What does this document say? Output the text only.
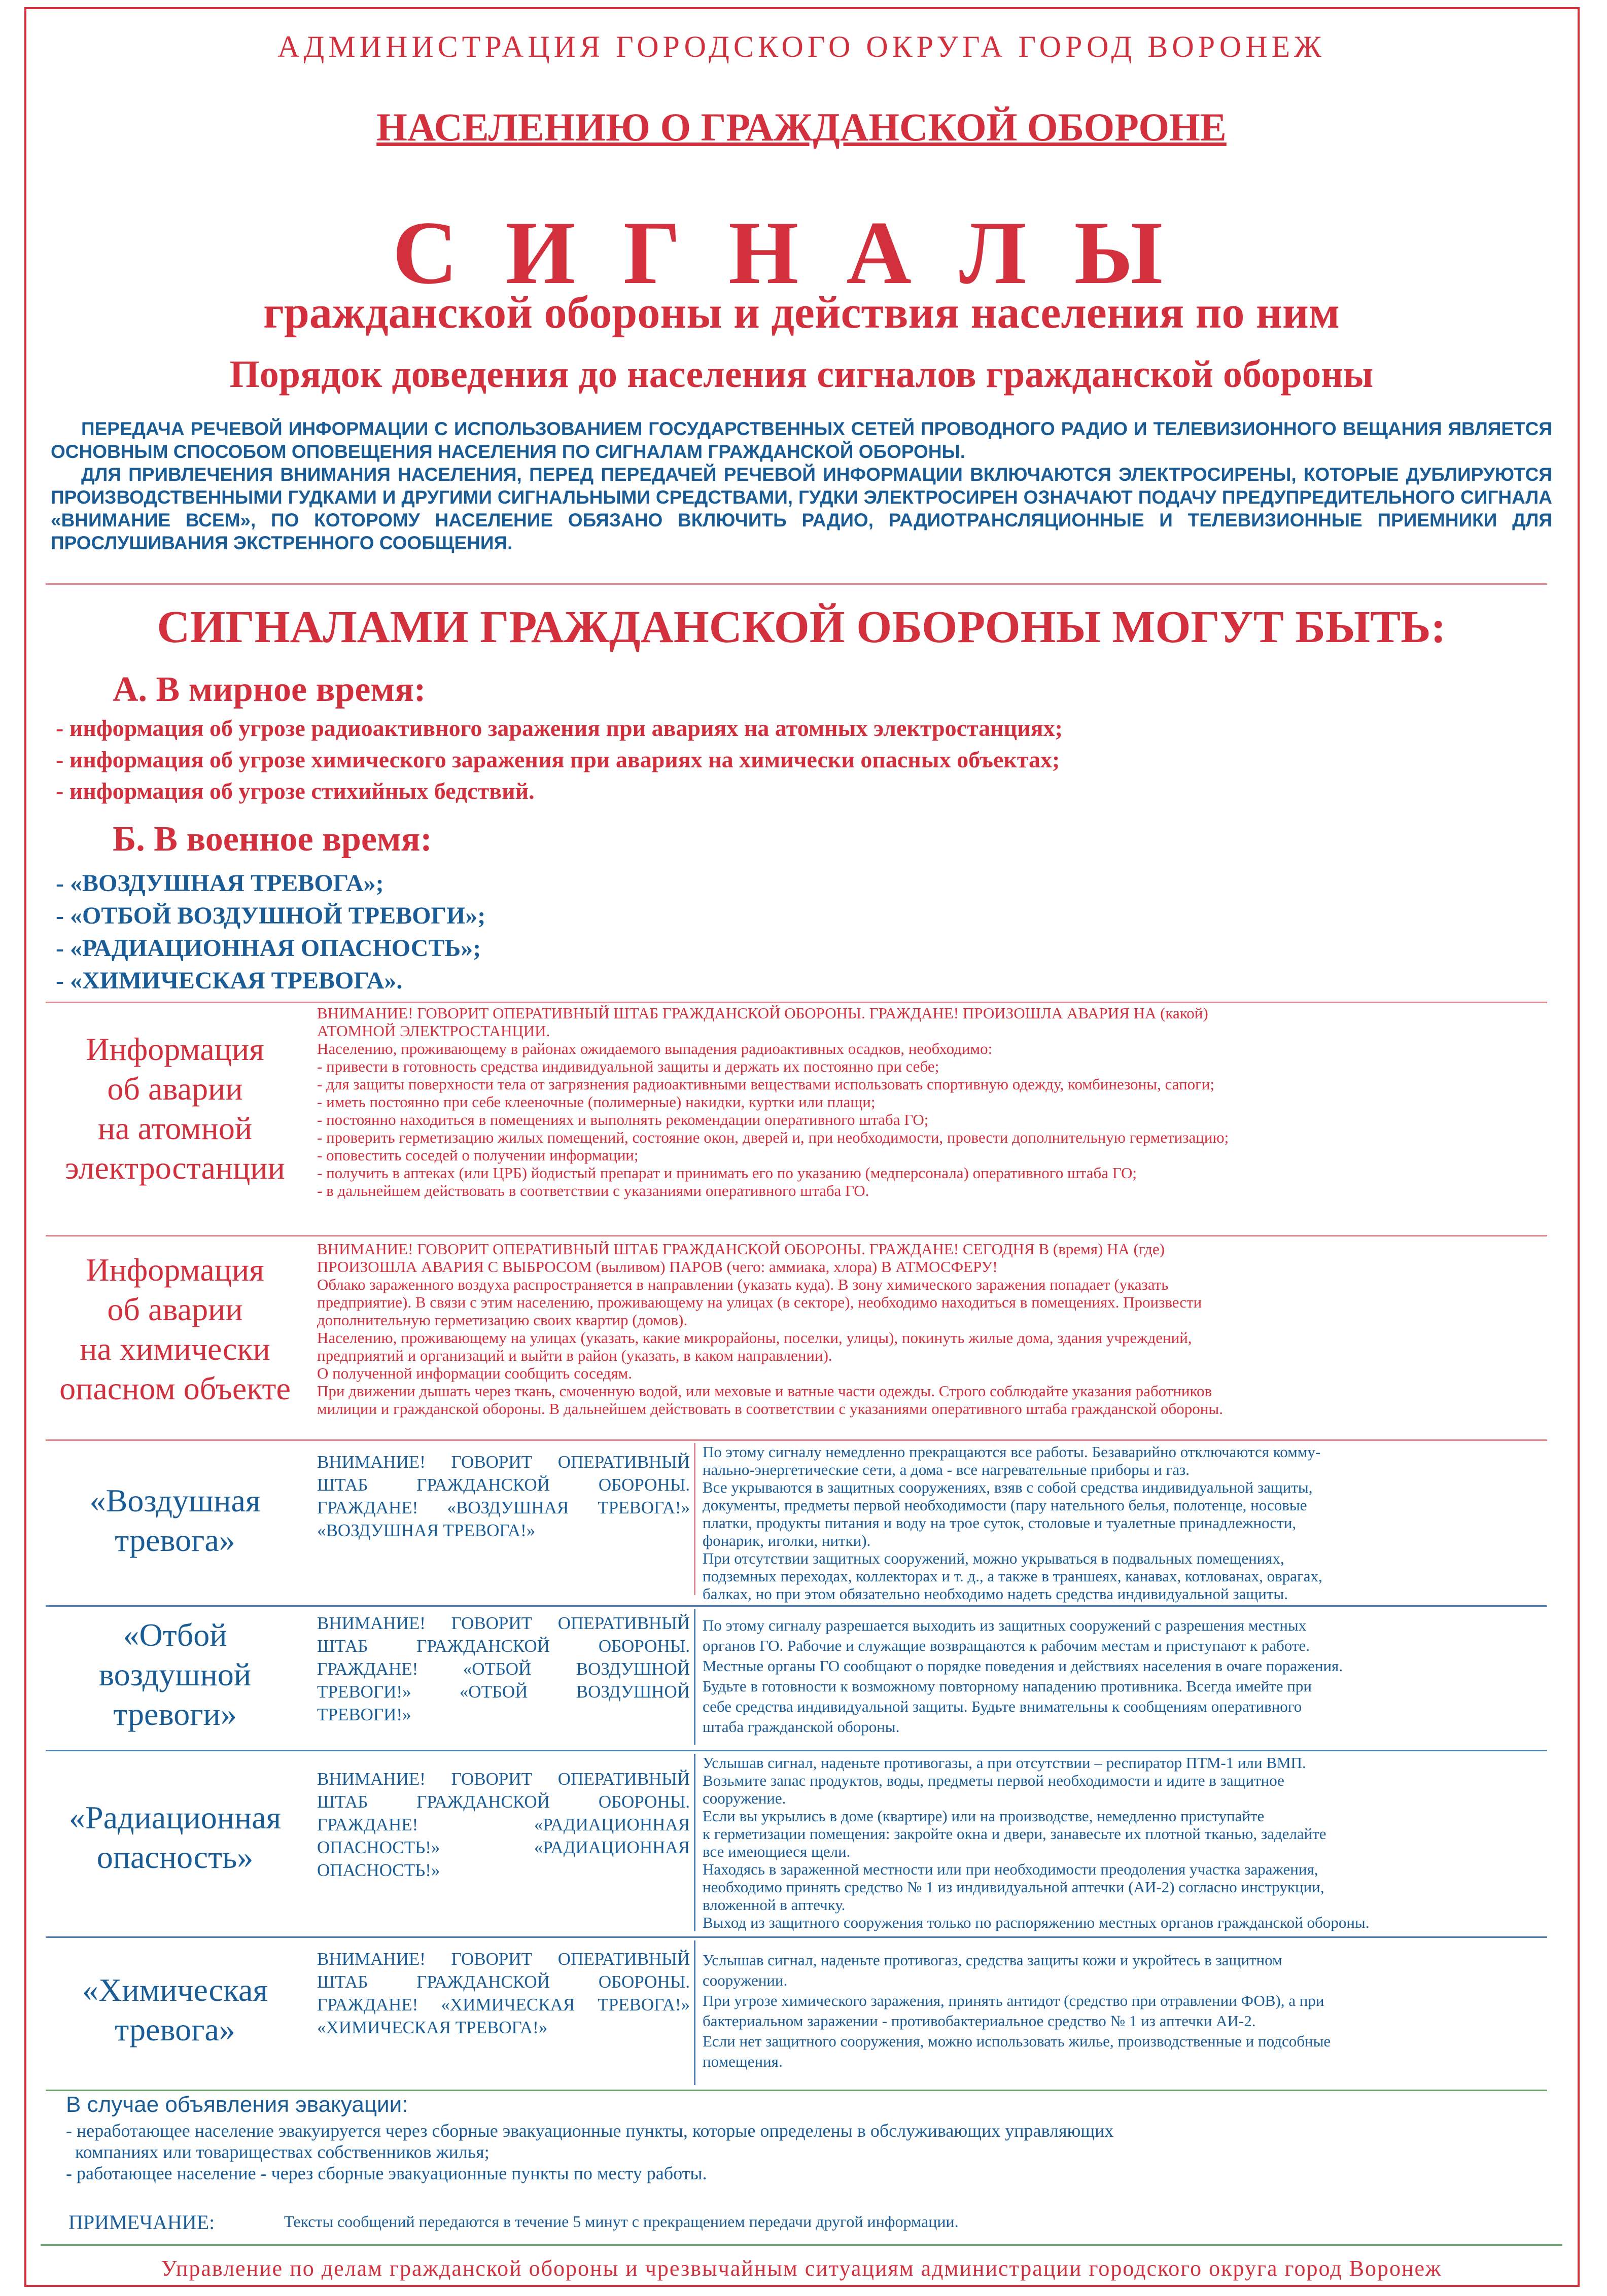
АДМИНИСТРАЦИЯ ГОРОДСКОГО ОКРУГА ГОРОД ВОРОНЕЖ
НАСЕЛЕНИЮ О ГРАЖДАНСКОЙ ОБОРОНЕ
СИГНАЛЫ
гражданской обороны и действия населения по ним
Порядок доведения до населения сигналов гражданской обороны

ПЕРЕДАЧА РЕЧЕВОЙ ИНФОРМАЦИИ С ИСПОЛЬЗОВАНИЕМ ГОСУДАРСТВЕННЫХ СЕТЕЙ ПРОВОДНОГО РАДИО И ТЕЛЕВИЗИОННОГО ВЕЩАНИЯ ЯВЛЯЕТСЯ ОСНОВНЫМ СПОСОБОМ ОПОВЕЩЕНИЯ НАСЕЛЕНИЯ ПО СИГНАЛАМ ГРАЖДАНСКОЙ ОБОРОНЫ.

ДЛЯ ПРИВЛЕЧЕНИЯ ВНИМАНИЯ НАСЕЛЕНИЯ, ПЕРЕД ПЕРЕДАЧЕЙ РЕЧЕВОЙ ИНФОРМАЦИИ ВКЛЮЧАЮТСЯ ЭЛЕКТРОСИРЕНЫ, КОТОРЫЕ ДУБЛИРУЮТСЯ ПРОИЗВОДСТВЕННЫМИ ГУДКАМИ И ДРУГИМИ СИГНАЛЬНЫМИ СРЕДСТВАМИ, ГУДКИ ЭЛЕКТРОСИРЕН ОЗНАЧАЮТ ПОДАЧУ ПРЕДУПРЕДИТЕЛЬНОГО СИГНАЛА «ВНИМАНИЕ ВСЕМ», ПО КОТОРОМУ НАСЕЛЕНИЕ ОБЯЗАНО ВКЛЮЧИТЬ РАДИО, РАДИОТРАНСЛЯЦИОННЫЕ И ТЕЛЕВИЗИОННЫЕ ПРИЕМНИКИ ДЛЯ ПРОСЛУШИВАНИЯ ЭКСТРЕННОГО СООБЩЕНИЯ.

СИГНАЛАМИ ГРАЖДАНСКОЙ ОБОРОНЫ МОГУТ БЫТЬ:
А. В мирное время:
- информация об угрозе радиоактивного заражения при авариях на атомных электростанциях;
- информация об угрозе химического заражения при авариях на химически опасных объектах;
- информация об угрозе стихийных бедствий.
Б. В военное время:
- «ВОЗДУШНАЯ ТРЕВОГА»;
- «ОТБОЙ ВОЗДУШНОЙ ТРЕВОГИ»;
- «РАДИАЦИОННАЯ ОПАСНОСТЬ»;
- «ХИМИЧЕСКАЯ ТРЕВОГА».
Информация
об аварии
на атомной
электростанции
ВНИМАНИЕ! ГОВОРИТ ОПЕРАТИВНЫЙ ШТАБ ГРАЖДАНСКОЙ ОБОРОНЫ. ГРАЖДАНЕ! ПРОИЗОШЛА АВАРИЯ НА (какой)
АТОМНОЙ ЭЛЕКТРОСТАНЦИИ.
Населению, проживающему в районах ожидаемого выпадения радиоактивных осадков, необходимо:
- привести в готовность средства индивидуальной защиты и держать их постоянно при себе;
- для защиты поверхности тела от загрязнения радиоактивными веществами использовать спортивную одежду, комбинезоны, сапоги;
- иметь постоянно при себе клееночные (полимерные) накидки, куртки или плащи;
- постоянно находиться в помещениях и выполнять рекомендации оперативного штаба ГО;
- проверить герметизацию жилых помещений, состояние окон, дверей и, при необходимости, провести дополнительную герметизацию;
- оповестить соседей о получении информации;
- получить в аптеках (или ЦРБ) йодистый препарат и принимать его по указанию (медперсонала) оперативного штаба ГО;
- в дальнейшем действовать в соответствии с указаниями оперативного штаба ГО.
Информация
об аварии
на химически
опасном объекте
ВНИМАНИЕ! ГОВОРИТ ОПЕРАТИВНЫЙ ШТАБ ГРАЖДАНСКОЙ ОБОРОНЫ. ГРАЖДАНЕ! СЕГОДНЯ В (время) НА (где)
ПРОИЗОШЛА АВАРИЯ С ВЫБРОСОМ (выливом) ПАРОВ (чего: аммиака, хлора) В АТМОСФЕРУ!
Облако зараженного воздуха распространяется в направлении (указать куда). В зону химического заражения попадает (указать
предприятие). В связи с этим населению, проживающему на улицах (в секторе), необходимо находиться в помещениях. Произвести
дополнительную герметизацию своих квартир (домов).
Населению, проживающему на улицах (указать, какие микрорайоны, поселки, улицы), покинуть жилые дома, здания учреждений,
предприятий и организаций и выйти в район (указать, в каком направлении).
О полученной информации сообщить соседям.
При движении дышать через ткань, смоченную водой, или меховые и ватные части одежды. Строго соблюдайте указания работников
милиции и гражданской обороны. В дальнейшем действовать в соответствии с указаниями оперативного штаба гражданской обороны.
«Воздушная
тревога»
ВНИМАНИЕ! ГОВОРИТ ОПЕРАТИВНЫЙ ШТАБ ГРАЖДАНСКОЙ ОБОРОНЫ. ГРАЖДАНЕ! «ВОЗДУШНАЯ ТРЕВОГА!» «ВОЗДУШНАЯ ТРЕВОГА!»
По этому сигналу немедленно прекращаются все работы. Безаварийно отключаются комму-
нально-энергетические сети, а дома - все нагревательные приборы и газ.
Все укрываются в защитных сооружениях, взяв с собой средства индивидуальной защиты,
документы, предметы первой необходимости (пару нательного белья, полотенце, носовые
платки, продукты питания и воду на трое суток, столовые и туалетные принадлежности,
фонарик, иголки, нитки).
При отсутствии защитных сооружений, можно укрываться в подвальных помещениях,
подземных переходах, коллекторах и т. д., а также в траншеях, канавах, котлованах, оврагах,
балках, но при этом обязательно необходимо надеть средства индивидуальной защиты.
«Отбой
воздушной
тревоги»
ВНИМАНИЕ! ГОВОРИТ ОПЕРАТИВНЫЙ ШТАБ ГРАЖДАНСКОЙ ОБОРОНЫ. ГРАЖДАНЕ! «ОТБОЙ ВОЗДУШНОЙ ТРЕВОГИ!» «ОТБОЙ ВОЗДУШНОЙ ТРЕВОГИ!»
По этому сигналу разрешается выходить из защитных сооружений с разрешения местных
органов ГО. Рабочие и служащие возвращаются к рабочим местам и приступают к работе.
Местные органы ГО сообщают о порядке поведения и действиях населения в очаге поражения.
Будьте в готовности к возможному повторному нападению противника. Всегда имейте при
себе средства индивидуальной защиты. Будьте внимательны к сообщениям оперативного
штаба гражданской обороны.
«Радиационная
опасность»
ВНИМАНИЕ! ГОВОРИТ ОПЕРАТИВНЫЙ ШТАБ ГРАЖДАНСКОЙ ОБОРОНЫ. ГРАЖДАНЕ! «РАДИАЦИОННАЯ ОПАСНОСТЬ!» «РАДИАЦИОННАЯ ОПАСНОСТЬ!»
Услышав сигнал, наденьте противогазы, а при отсутствии – респиратор ПТМ-1 или ВМП.
Возьмите запас продуктов, воды, предметы первой необходимости и идите в защитное
сооружение.
Если вы укрылись в доме (квартире) или на производстве, немедленно приступайте
к герметизации помещения: закройте окна и двери, занавесьте их плотной тканью, заделайте
все имеющиеся щели.
Находясь в зараженной местности или при необходимости преодоления участка заражения,
необходимо принять средство № 1 из индивидуальной аптечки (АИ-2) согласно инструкции,
вложенной в аптечку.
Выход из защитного сооружения только по распоряжению местных органов гражданской обороны.
«Химическая
тревога»
ВНИМАНИЕ! ГОВОРИТ ОПЕРАТИВНЫЙ ШТАБ ГРАЖДАНСКОЙ ОБОРОНЫ. ГРАЖДАНЕ! «ХИМИЧЕСКАЯ ТРЕВОГА!» «ХИМИЧЕСКАЯ ТРЕВОГА!»
Услышав сигнал, наденьте противогаз, средства защиты кожи и укройтесь в защитном
сооружении.
При угрозе химического заражения, принять антидот (средство при отравлении ФОВ), а при
бактериальном заражении - противобактериальное средство № 1 из аптечки АИ-2.
Если нет защитного сооружения, можно использовать жилье, производственные и подсобные
помещения.
В случае объявления эвакуации:
- неработающее население эвакуируется через сборные эвакуационные пункты, которые определены в обслуживающих управляющих
компаниях или товариществах собственников жилья;
- работающее население - через сборные эвакуационные пункты по месту работы.
ПРИМЕЧАНИЕ:	Тексты сообщений передаются в течение 5 минут с прекращением передачи другой информации.
Управление по делам гражданской обороны и чрезвычайным ситуациям администрации городского округа город Воронеж
